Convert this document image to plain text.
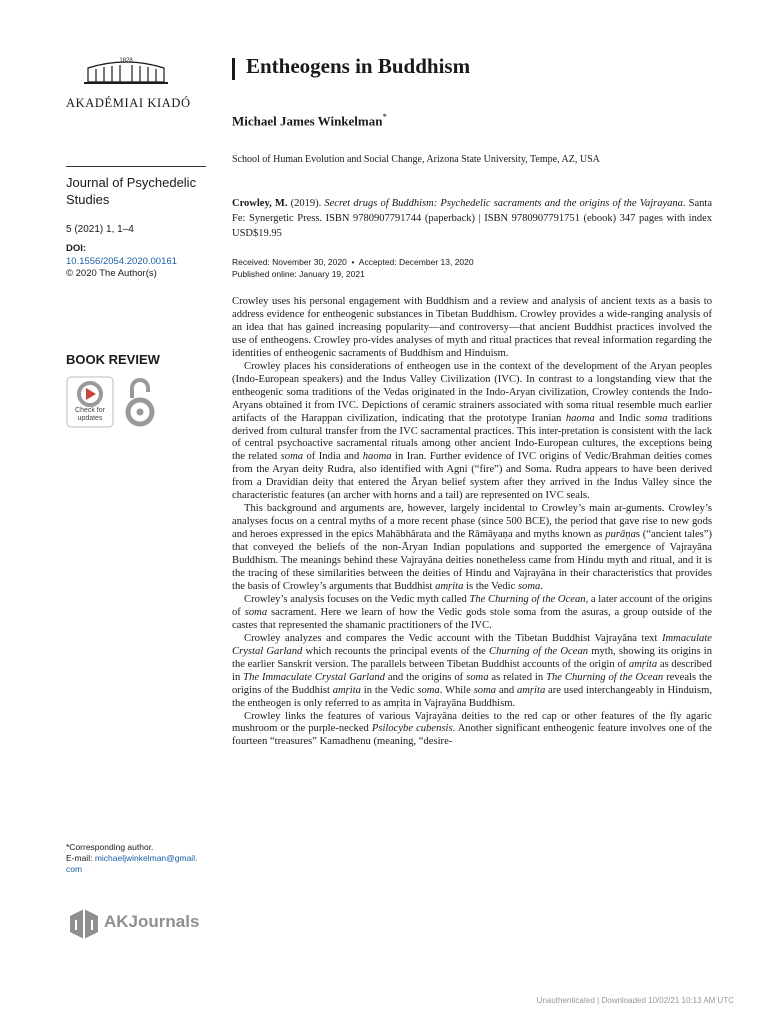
1828
AKADÉMIAI KIADÓ
Journal of Psychedelic Studies
5 (2021) 1, 1–4
DOI:
10.1556/2054.2020.00161
© 2020 The Author(s)
BOOK REVIEW
Check for updates
*Corresponding author.
E-mail: michaeljwinkelman@gmail.
com
AKJournals
Entheogens in Buddhism
Michael James Winkelman*
School of Human Evolution and Social Change, Arizona State University, Tempe, AZ, USA
Crowley, M. (2019). Secret drugs of Buddhism: Psychedelic sacraments and the origins of the Vajrayana. Santa Fe: Synergetic Press. ISBN 9780907791744 (paperback) | ISBN 9780907791751 (ebook) 347 pages with index USD$19.95
Received: November 30, 2020  •  Accepted: December 13, 2020
Published online: January 19, 2021

Crowley uses his personal engagement with Buddhism and a review and analysis of ancient texts as a basis to address evidence for entheogenic substances in Tibetan Buddhism. Crowley provides a wide-ranging analysis of an idea that has gained increasing popularity—and controversy—that ancient Buddhist practices involved the use of entheogens. Crowley pro-vides analyses of myth and ritual practices that reveal information regarding the identities of entheogenic sacraments of Buddhism and Hinduism.

Crowley places his considerations of entheogen use in the context of the development of the Aryan peoples (Indo-European speakers) and the Indus Valley Civilization (IVC). In contrast to a longstanding view that the entheogenic soma traditions of the Vedas originated in the Indo-Aryan civilization, Crowley contends the Indo-Aryans obtained it from IVC. Depictions of ceramic strainers associated with soma ritual resemble much earlier artifacts of the Harappan civilization, indicating that the prototype Iranian haoma and Indic soma traditions derived from cultural transfer from the IVC sacramental practices. This inter-pretation is consistent with the lack of central psychoactive sacramental rituals among other ancient Indo-European cultures, the exceptions being the related soma of India and haoma in Iran. Further evidence of IVC origins of Vedic/Brahman deities comes from the Aryan deity Rudra, also identified with Agni (“fire”) and Soma. Rudra appears to have been derived from a Dravidian deity that entered the Āryan belief system after they arrived in the Indus Valley since the characteristic features (an archer with horns and a tail) are represented on IVC seals.

This background and arguments are, however, largely incidental to Crowley’s main ar-guments. Crowley’s analyses focus on a central myths of a more recent phase (since 500 BCE), the period that gave rise to new gods and heroes expressed in the epics Mahābhārata and the Rāmāyaṇa and myths known as purāṇas (“ancient tales”) that conveyed the beliefs of the non-Āryan Indian populations and supported the emergence of Vajrayāna Buddhism. The meanings behind these Vajrayāna deities nonetheless came from Hindu myth and ritual, and it is the tracing of these similarities between the deities of Hindu and Vajrayāna in their characteristics that provides the basis of Crowley’s arguments that Buddhist amṛita is the Vedic soma.

Crowley’s analysis focuses on the Vedic myth called The Churning of the Ocean, a later account of the origins of soma sacrament. Here we learn of how the Vedic gods stole soma from the asuras, a group outside of the castes that represented the shamanic practitioners of the IVC.

Crowley analyzes and compares the Vedic account with the Tibetan Buddhist Vajrayāna text Immaculate Crystal Garland which recounts the principal events of the Churning of the Ocean myth, showing its origins in the earlier Sanskrit version. The parallels between Tibetan Buddhist accounts of the origin of amṛita as described in The Immaculate Crystal Garland and the origins of soma as related in The Churning of the Ocean reveals the origins of the Buddhist amṛita in the Vedic soma. While soma and amṛita are used interchangeably in Hinduism, the entheogen is only referred to as amṛita in Vajrayāna Buddhism.

Crowley links the features of various Vajrayāna deities to the red cap or other features of the fly agaric mushroom or the purple-necked Psilocybe cubensis. Another significant entheogenic feature involves one of the fourteen “treasures” Kamadhenu (meaning, “desire-

Unauthenticated | Downloaded 10/02/21 10:13 AM UTC
